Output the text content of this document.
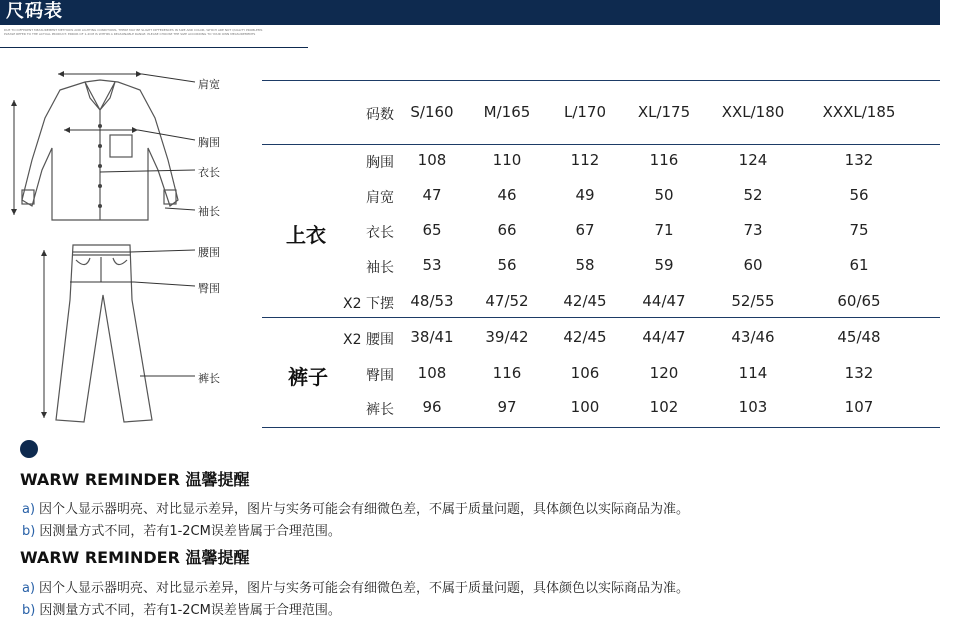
尺码表
DUE TO DIFFERENT MEASUREMENT METHODS AND LIGHTING CONDITIONS, THERE MAY BE SLIGHT DIFFERENCES IN SIZE AND COLOR, WHICH ARE NOT QUALITY PROBLEMS
PLEASE REFER TO THE ACTUAL PRODUCT. ERROR OF 1-2CM IS WITHIN A REASONABLE RANGE. PLEASE CHOOSE THE SIZE ACCORDING TO YOUR OWN MEASUREMENTS
肩宽
胸围
衣长
袖长
腰围
臀围
裤长
码数	S/160	M/165	L/170	XL/175	XXL/180	XXXL/185
上衣
裤子
胸围	108	110	112	116	124	132
肩宽	47	46	49	50	52	56
衣长	65	66	67	71	73	75
袖长	53	56	58	59	60	61
X2 下摆	48/53	47/52	42/45	44/47	52/55	60/65
X2 腰围	38/41	39/42	42/45	44/47	43/46	45/48
臀围	108	116	106	120	114	132
裤长	96	97	100	102	103	107
WARW REMINDER 温馨提醒
a) 因个人显示器明亮、对比显示差异，图片与实务可能会有细微色差，不属于质量问题，具体颜色以实际商品为准。
b) 因测量方式不同，若有1-2CM误差皆属于合理范围。
WARW REMINDER 温馨提醒
a) 因个人显示器明亮、对比显示差异，图片与实务可能会有细微色差，不属于质量问题，具体颜色以实际商品为准。
b) 因测量方式不同，若有1-2CM误差皆属于合理范围。
